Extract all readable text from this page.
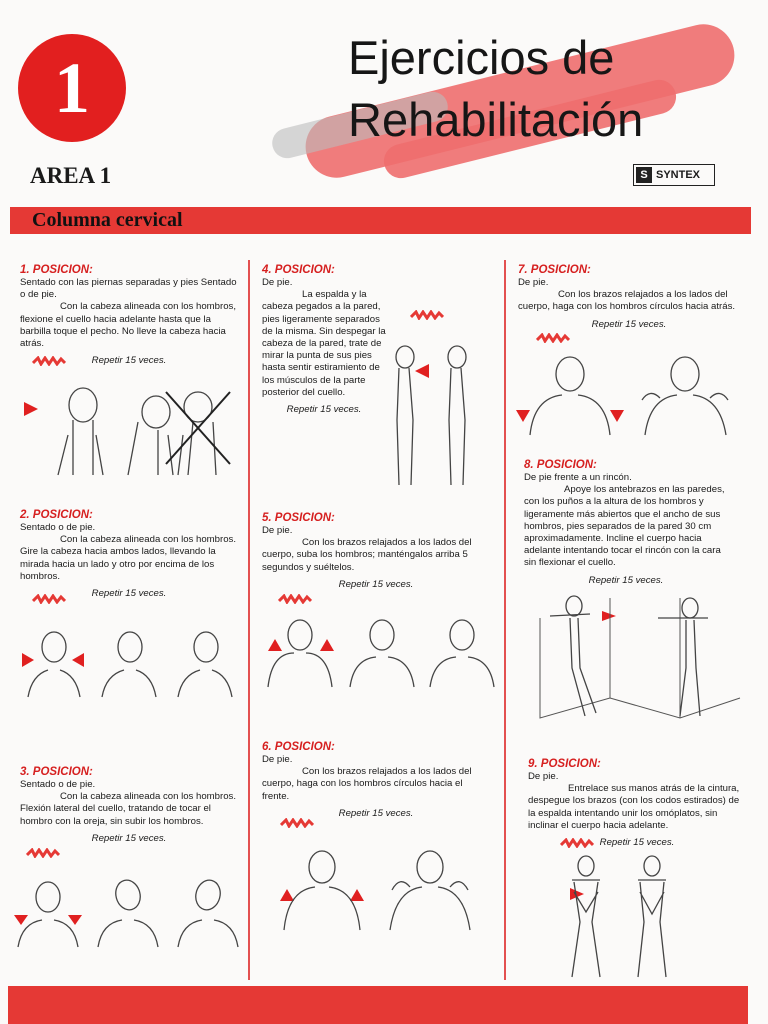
1
AREA 1
Ejercicios de
Rehabilitación
S SYNTEX
Columna cervical
1. POSICION:

Sentado con las piernas separadas y pies Sentado o de pie.

Con la cabeza alineada con los hombros, flexione el cuello hacia adelante hasta que la barbilla toque el pecho. No lleve la cabeza hacia atrás.

Repetir 15 veces.

2. POSICION:

Sentado o de pie.

Con la cabeza alineada con los hombros. Gire la cabeza hacia ambos lados, llevando la mirada hacia un lado y otro por encima de los hombros.

Repetir 15 veces.

3. POSICION:

Sentado o de pie.

Con la cabeza alineada con los hombros. Flexión lateral del cuello, tratando de tocar el hombro con la oreja, sin subir los hombros.

Repetir 15 veces.

4. POSICION:

De pie.

La espalda y la cabeza pegados a la pared, pies ligeramente separados de la misma. Sin despegar la cabeza de la pared, trate de mirar la punta de sus pies hasta sentir estiramiento de los músculos de la parte posterior del cuello.

Repetir 15 veces.

5. POSICION:

De pie.

Con los brazos relajados a los lados del cuerpo, suba los hombros; manténgalos arriba 5 segundos y suéltelos.

Repetir 15 veces.

6. POSICION:

De pie.

Con los brazos relajados a los lados del cuerpo, haga con los hombros círculos hacia el frente.

Repetir 15 veces.

7. POSICION:

De pie.

Con los brazos relajados a los lados del cuerpo, haga con los hombros círculos hacia atrás.

Repetir 15 veces.

8. POSICION:

De pie frente a un rincón.

Apoye los antebrazos en las paredes, con los puños a la altura de los hombros y ligeramente más abiertos que el ancho de sus hombros, pies separados de la pared 30 cm aproximadamente. Incline el cuerpo hacia adelante intentando tocar el rincón con la cara sin flexionar el cuello.

Repetir 15 veces.

9. POSICION:

De pie.

Entrelace sus manos atrás de la cintura, despegue los brazos (con los codos estirados) de la espalda intentando unir los omóplatos, sin inclinar el cuerpo hacia adelante.

Repetir 15 veces.
